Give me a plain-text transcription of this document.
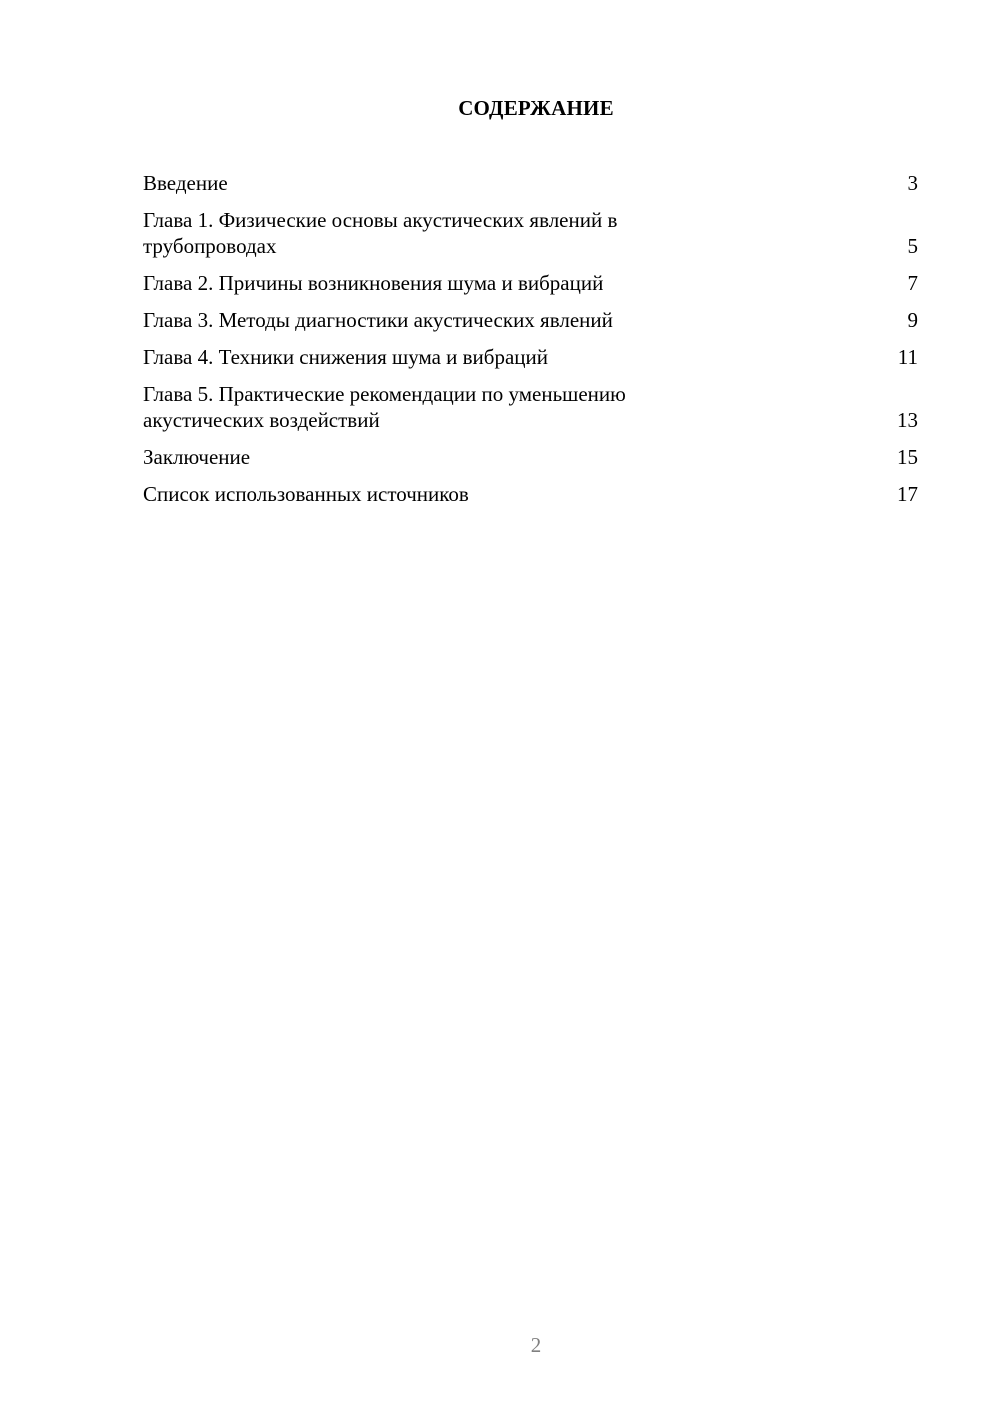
СОДЕРЖАНИЕ
Введение	3
Глава 1. Физические основы акустических явлений в трубопроводах	5
Глава 2. Причины возникновения шума и вибраций	7
Глава 3. Методы диагностики акустических явлений	9
Глава 4. Техники снижения шума и вибраций	11
Глава 5. Практические рекомендации по уменьшению акустических воздействий	13
Заключение	15
Список использованных источников	17
2
